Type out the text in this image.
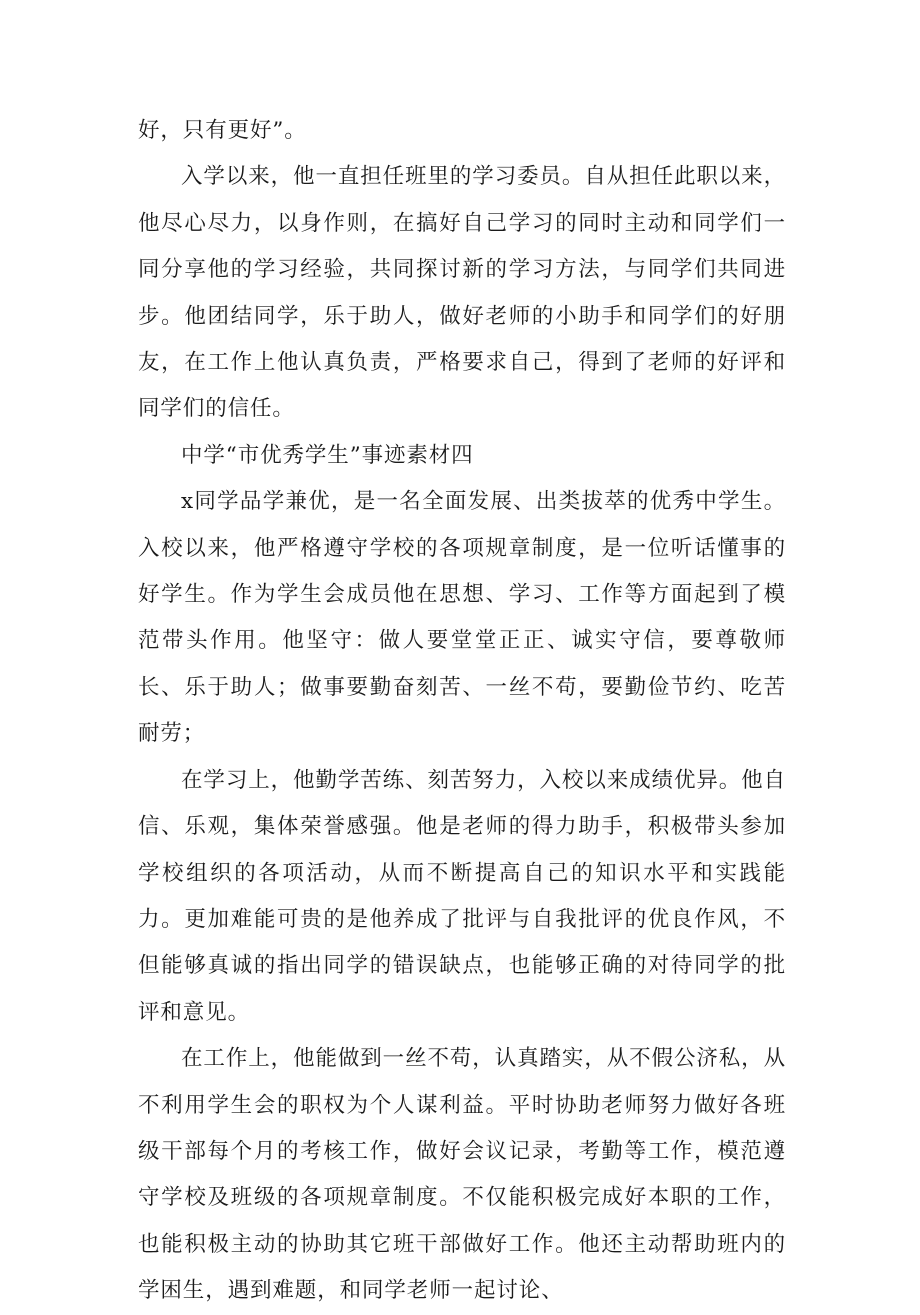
好，只有更好”。

入学以来，他一直担任班里的学习委员。自从担任此职以来，他尽心尽力，以身作则，在搞好自己学习的同时主动和同学们一同分享他的学习经验，共同探讨新的学习方法，与同学们共同进步。他团结同学，乐于助人，做好老师的小助手和同学们的好朋友，在工作上他认真负责，严格要求自己，得到了老师的好评和同学们的信任。

中学“市优秀学生”事迹素材四

x同学品学兼优，是一名全面发展、出类拔萃的优秀中学生。入校以来，他严格遵守学校的各项规章制度，是一位听话懂事的好学生。作为学生会成员他在思想、学习、工作等方面起到了模范带头作用。他坚守：做人要堂堂正正、诚实守信，要尊敬师长、乐于助人；做事要勤奋刻苦、一丝不苟，要勤俭节约、吃苦耐劳；

在学习上，他勤学苦练、刻苦努力，入校以来成绩优异。他自信、乐观，集体荣誉感强。他是老师的得力助手，积极带头参加学校组织的各项活动，从而不断提高自己的知识水平和实践能力。更加难能可贵的是他养成了批评与自我批评的优良作风，不但能够真诚的指出同学的错误缺点，也能够正确的对待同学的批评和意见。

在工作上，他能做到一丝不苟，认真踏实，从不假公济私，从不利用学生会的职权为个人谋利益。平时协助老师努力做好各班级干部每个月的考核工作，做好会议记录，考勤等工作，模范遵守学校及班级的各项规章制度。不仅能积极完成好本职的工作，也能积极主动的协助其它班干部做好工作。他还主动帮助班内的学困生，遇到难题，和同学老师一起讨论、
